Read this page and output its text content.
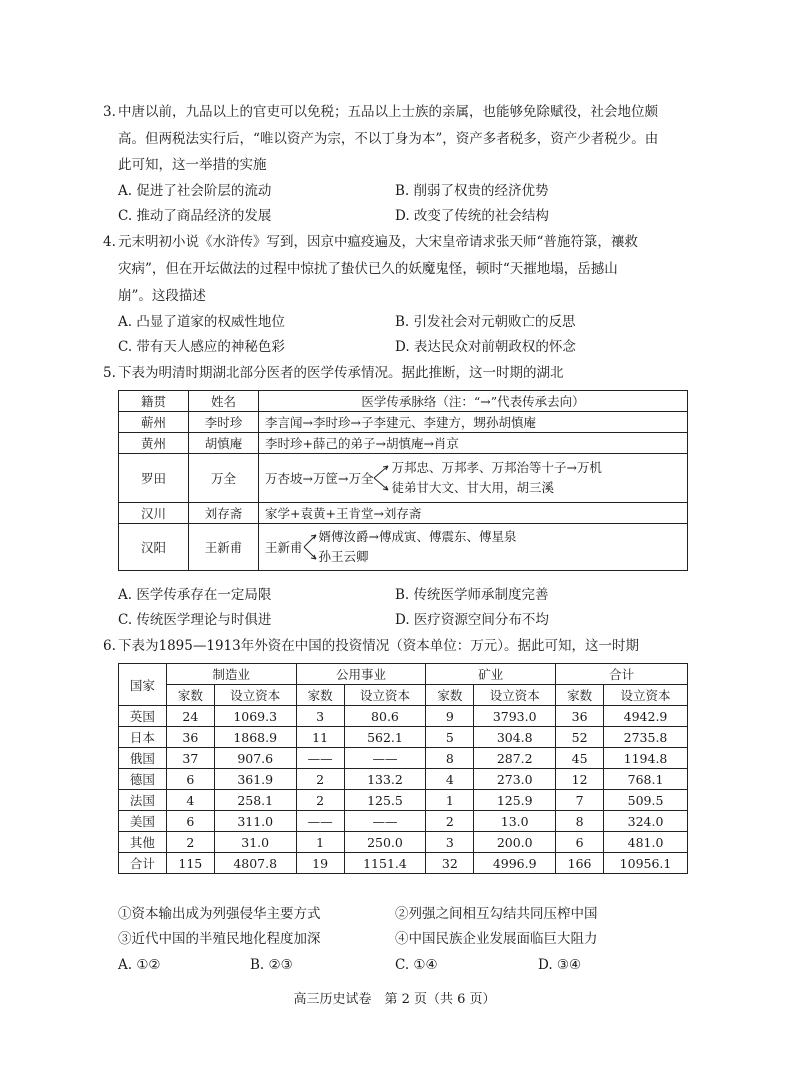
3. 中唐以前，九品以上的官吏可以免税；五品以上士族的亲属，也能够免除赋役，社会地位颇
高。但两税法实行后，“唯以资产为宗，不以丁身为本”，资产多者税多，资产少者税少。由
此可知，这一举措的实施
A. 促进了社会阶层的流动	B. 削弱了权贵的经济优势
C. 推动了商品经济的发展	D. 改变了传统的社会结构
4. 元末明初小说《水浒传》写到，因京中瘟疫遍及，大宋皇帝请求张天师“普施符箓，禳救
灾病”，但在开坛做法的过程中惊扰了蛰伏已久的妖魔鬼怪，顿时“天摧地塌，岳撼山
崩”。这段描述
A. 凸显了道家的权威性地位	B. 引发社会对元朝败亡的反思
C. 带有天人感应的神秘色彩	D. 表达民众对前朝政权的怀念
5. 下表为明清时期湖北部分医者的医学传承情况。据此推断，这一时期的湖北
籍贯	姓名	医学传承脉络（注：“→”代表传承去向）
蕲州	李时珍	李言闻→李时珍→子李建元、李建方，甥孙胡慎庵
黄州	胡慎庵	李时珍+薛己的弟子→胡慎庵→肖京
罗田	万全	万杏坡→万筐→万全
万邦忠、万邦孝、万邦治等十子→万机
徒弟甘大文、甘大用，胡三溪

汉川	刘存斋	家学+袁黄+王肯堂→刘存斋
汉阳	王新甫	王新甫
婿傅汝爵→傅成寅、傅震东、傅星泉
孙王云卿
A. 医学传承存在一定局限	B. 传统医学师承制度完善
C. 传统医学理论与时俱进	D. 医疗资源空间分布不均
6. 下表为1895—1913年外资在中国的投资情况（资本单位：万元）。据此可知，这一时期
国家	制造业		公用事业		矿业		合计	
	家数	设立资本	家数	设立资本	家数	设立资本	家数	设立资本
英国	24	1069.3	3	80.6	9	3793.0	36	4942.9
日本	36	1868.9	11	562.1	5	304.8	52	2735.8
俄国	37	907.6	——	——	8	287.2	45	1194.8
德国	6	361.9	2	133.2	4	273.0	12	768.1
法国	4	258.1	2	125.5	1	125.9	7	509.5
美国	6	311.0	——	——	2	13.0	8	324.0
其他	2	31.0	1	250.0	3	200.0	6	481.0
合计	115	4807.8	19	1151.4	32	4996.9	166	10956.1
①资本输出成为列强侵华主要方式	②列强之间相互勾结共同压榨中国
③近代中国的半殖民地化程度加深	④中国民族企业发展面临巨大阻力
A. ①②	B. ②③	C. ①④	D. ③④
高三历史试卷　第 2 页（共 6 页）
